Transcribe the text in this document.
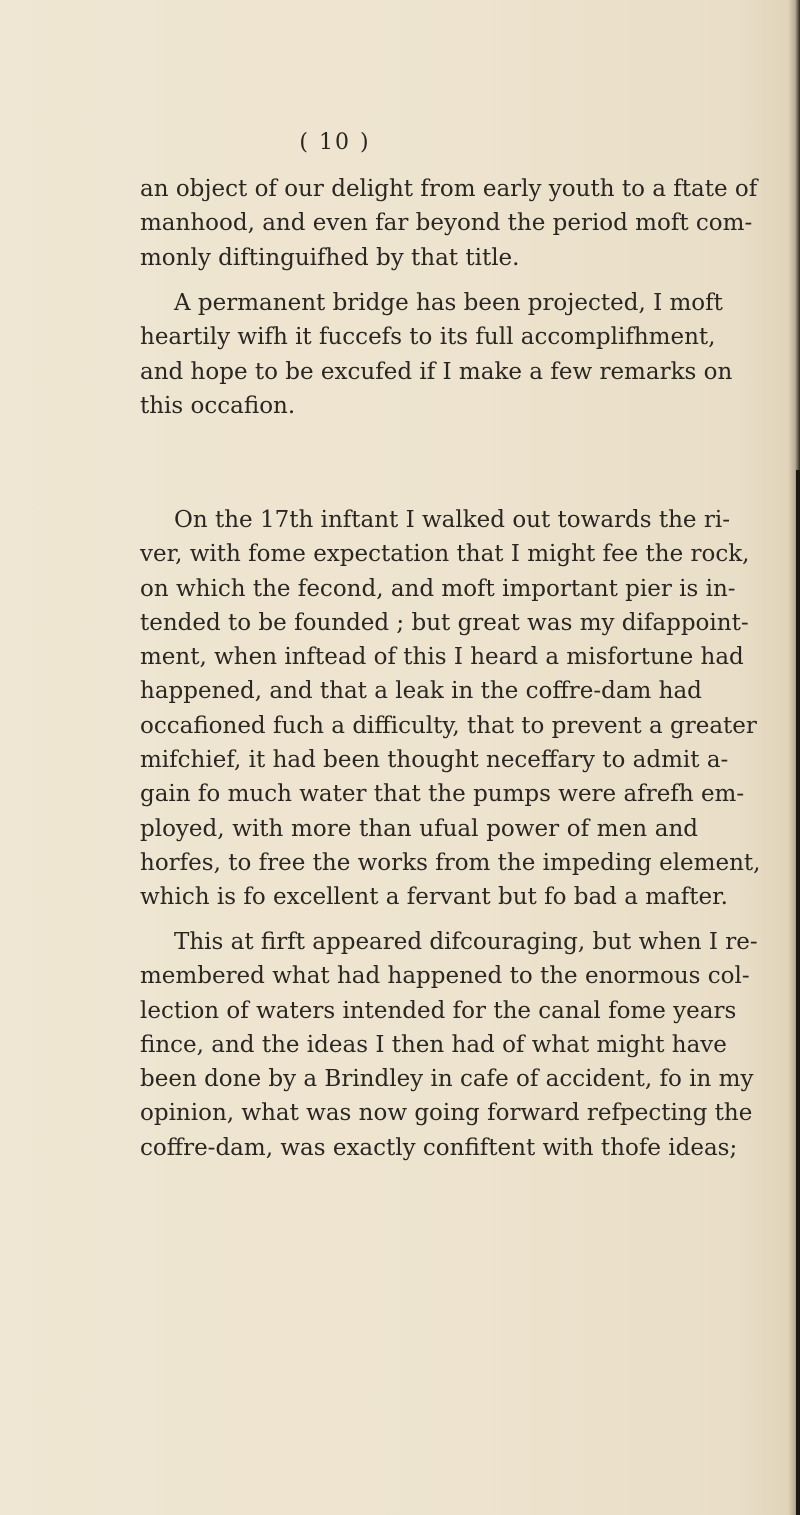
( 10 )
an object of our delight from early youth to a ftate of
manhood, and even far beyond the period moft com-
monly diftinguifhed by that title.
A permanent bridge has been projected, I moft
heartily wifh it fuccefs to its full accomplifhment,
and hope to be excufed if I make a few remarks on
this occafion.
On the 17th inftant I walked out towards the ri-
ver, with fome expectation that I might fee the rock,
on which the fecond, and moft important pier is in-
tended to be founded ; but great was my difappoint-
ment, when inftead of this I heard a misfortune had
happened, and that a leak in the coffre-dam had
occafioned fuch a difficulty, that to prevent a greater
mifchief, it had been thought neceffary to admit a-
gain fo much water that the pumps were afrefh em-
ployed, with more than ufual power of men and
horfes, to free the works from the impeding element,
which is fo excellent a fervant but fo bad a mafter.
This at firft appeared difcouraging, but when I re-
membered what had happened to the enormous col-
lection of waters intended for the canal fome years
fince, and the ideas I then had of what might have
been done by a Brindley in cafe of accident, fo in my
opinion, what was now going forward refpecting the
coffre-dam, was exactly confiftent with thofe ideas;
